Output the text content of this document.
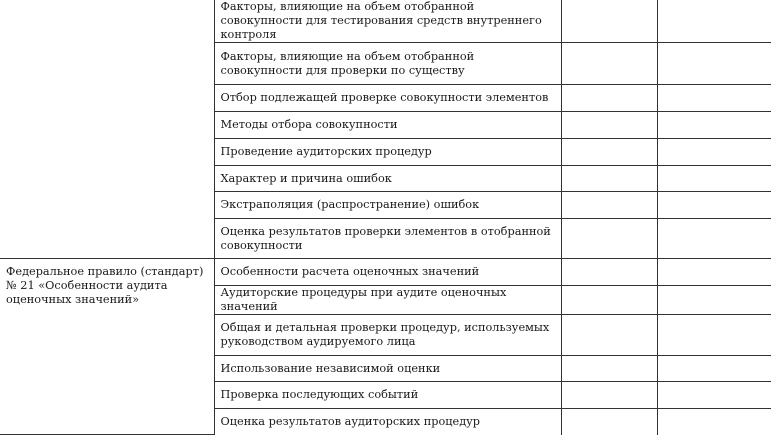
	Факторы, влияющие на объем отобранной совокупности для тестирования средств внутреннего контроля		
	Факторы, влияющие на объем отобранной совокупности для проверки по существу		
	Отбор подлежащей проверке совокупности элементов		
	Методы отбора совокупности		
	Проведение аудиторских процедур		
	Характер и причина ошибок		
	Экстраполяция (распространение) ошибок		
	Оценка результатов проверки элементов в отобранной совокупности		
Федеральное правило (стандарт) № 21 «Особенности аудита оценочных значений»	Особенности расчета оценочных значений		
	Аудиторские процедуры при аудите оценочных значений		
	Общая и детальная проверки процедур, используемых руководством аудируемого лица		
	Использование независимой оценки		
	Проверка последующих событий		
	Оценка результатов аудиторских процедур		
